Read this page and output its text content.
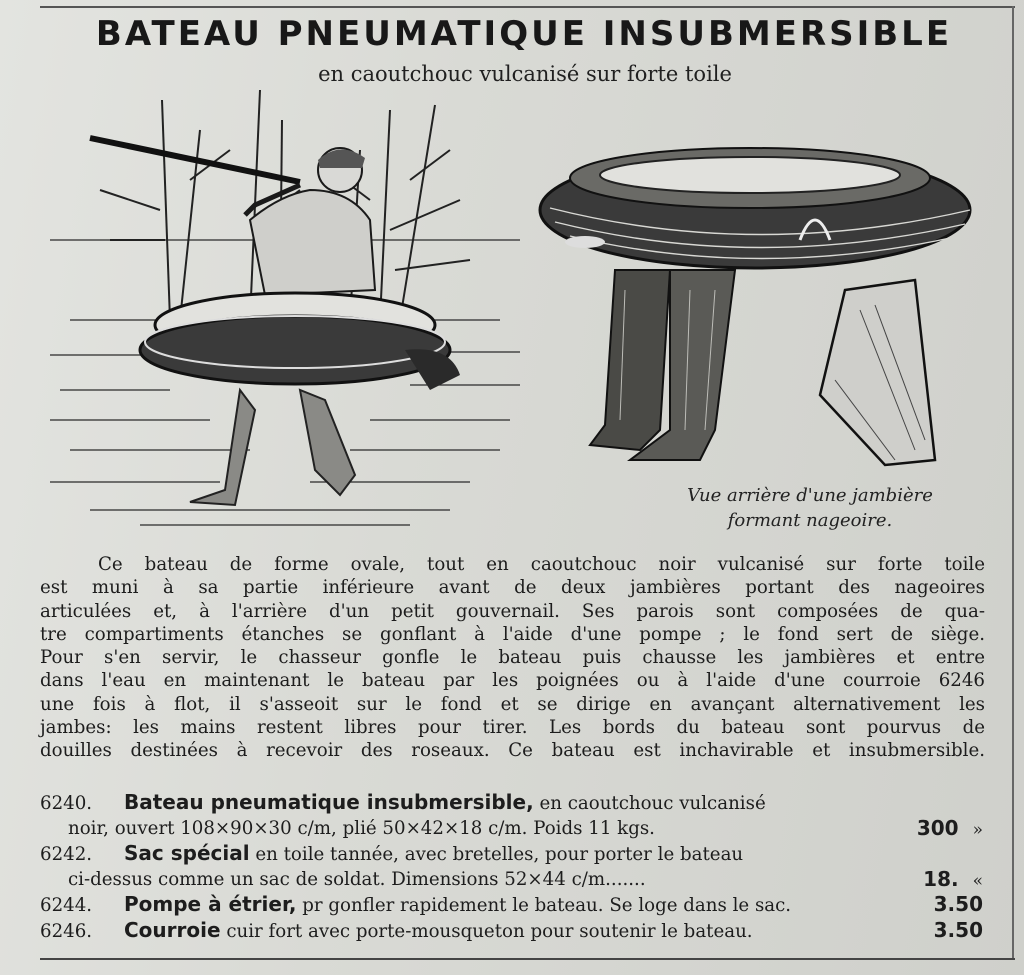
BATEAU PNEUMATIQUE INSUBMERSIBLE
en caoutchouc vulcanisé sur forte toile
Vue arrière d'une jambière
formant nageoire.
Ce bateau de forme ovale, tout en caoutchouc noir vulcanisé sur forte toile
est muni à sa partie inférieure avant de deux jambières portant des nageoires
articulées et, à l'arrière d'un petit gouvernail. Ses parois sont composées de qua-
tre compartiments étanches se gonflant à l'aide d'une pompe ; le fond sert de siège.
Pour s'en servir, le chasseur gonfle le bateau puis chausse les jambières et entre
dans l'eau en maintenant le bateau par les poignées ou à l'aide d'une courroie 6246
une fois à flot, il s'asseoit sur le fond et se dirige en avançant alternativement les
jambes: les mains restent libres pour tirer. Les bords du bateau sont pourvus de
douilles destinées à recevoir des roseaux. Ce bateau est inchavirable et insubmersible.
6240. Bateau pneumatique insubmersible, en caoutchouc vulcanisé
noir, ouvert 108×90×30 c/m, plié 50×42×18 c/m. Poids 11 kgs.	300 »
6242. Sac spécial en toile tannée, avec bretelles, pour porter le bateau
ci-dessus comme un sac de soldat. Dimensions 52×44 c/m.......	18. «
6244. Pompe à étrier, pr gonfler rapidement le bateau. Se loge dans le sac.	3.50
6246. Courroie cuir fort avec porte-mousqueton pour soutenir le bateau.	3.50
